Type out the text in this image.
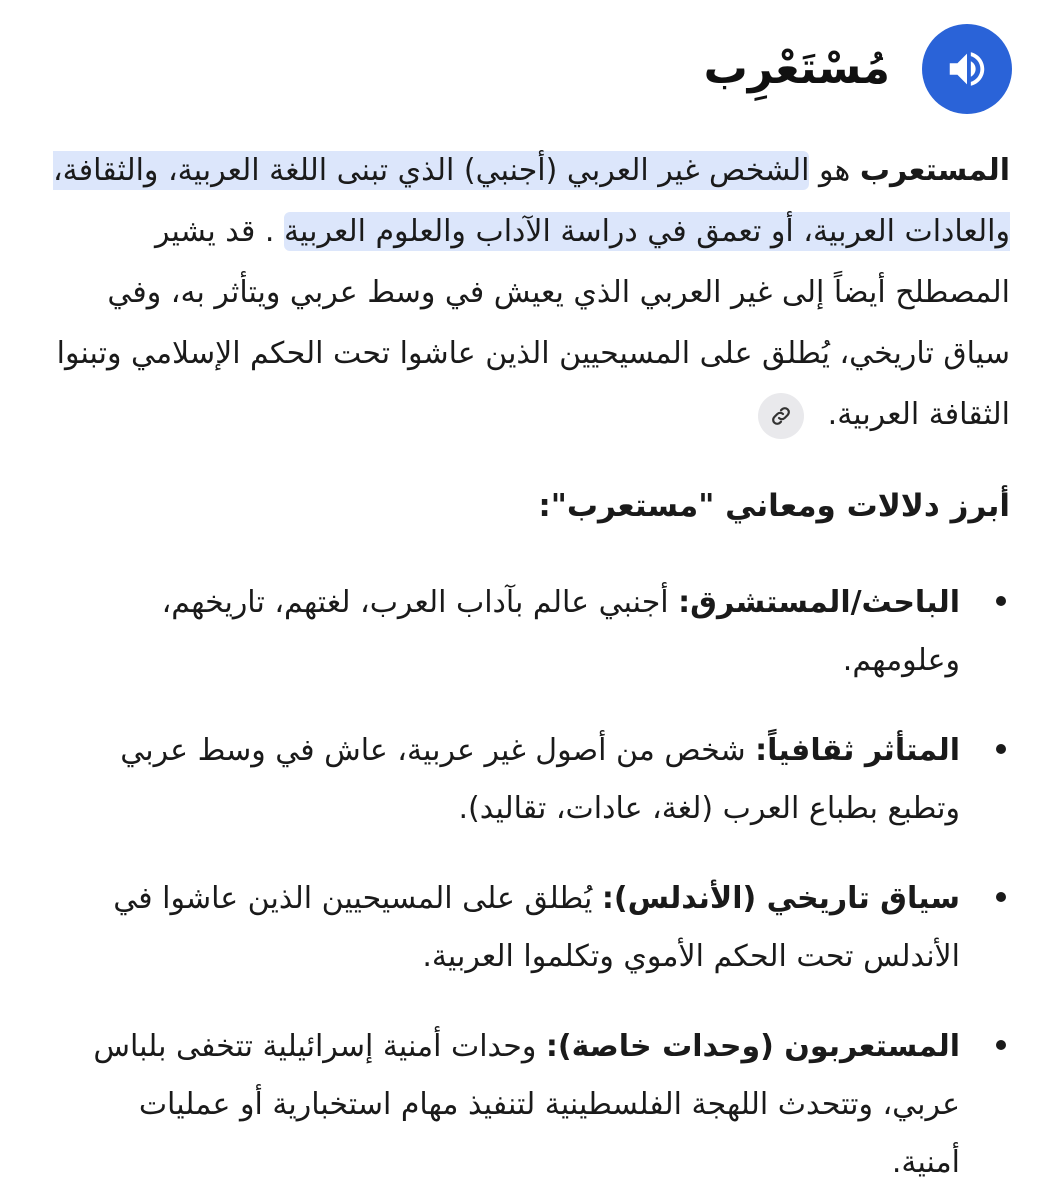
مُسْتَعْرِب

المستعرب هو الشخص غير العربي (أجنبي) الذي تبنى اللغة العربية، والثقافة، والعادات العربية، أو تعمق في دراسة الآداب والعلوم العربية . قد يشير المصطلح أيضاً إلى غير العربي الذي يعيش في وسط عربي ويتأثر به، وفي سياق تاريخي، يُطلق على المسيحيين الذين عاشوا تحت الحكم الإسلامي وتبنوا الثقافة العربية.

أبرز دلالات ومعاني "مستعرب":
الباحث/المستشرق: أجنبي عالم بآداب العرب، لغتهم، تاريخهم، وعلومهم.
المتأثر ثقافياً: شخص من أصول غير عربية، عاش في وسط عربي وتطبع بطباع العرب (لغة، عادات، تقاليد).
سياق تاريخي (الأندلس): يُطلق على المسيحيين الذين عاشوا في الأندلس تحت الحكم الأموي وتكلموا العربية.
المستعربون (وحدات خاصة): وحدات أمنية إسرائيلية تتخفى بلباس عربي، وتتحدث اللهجة الفلسطينية لتنفيذ مهام استخبارية أو عمليات أمنية.
